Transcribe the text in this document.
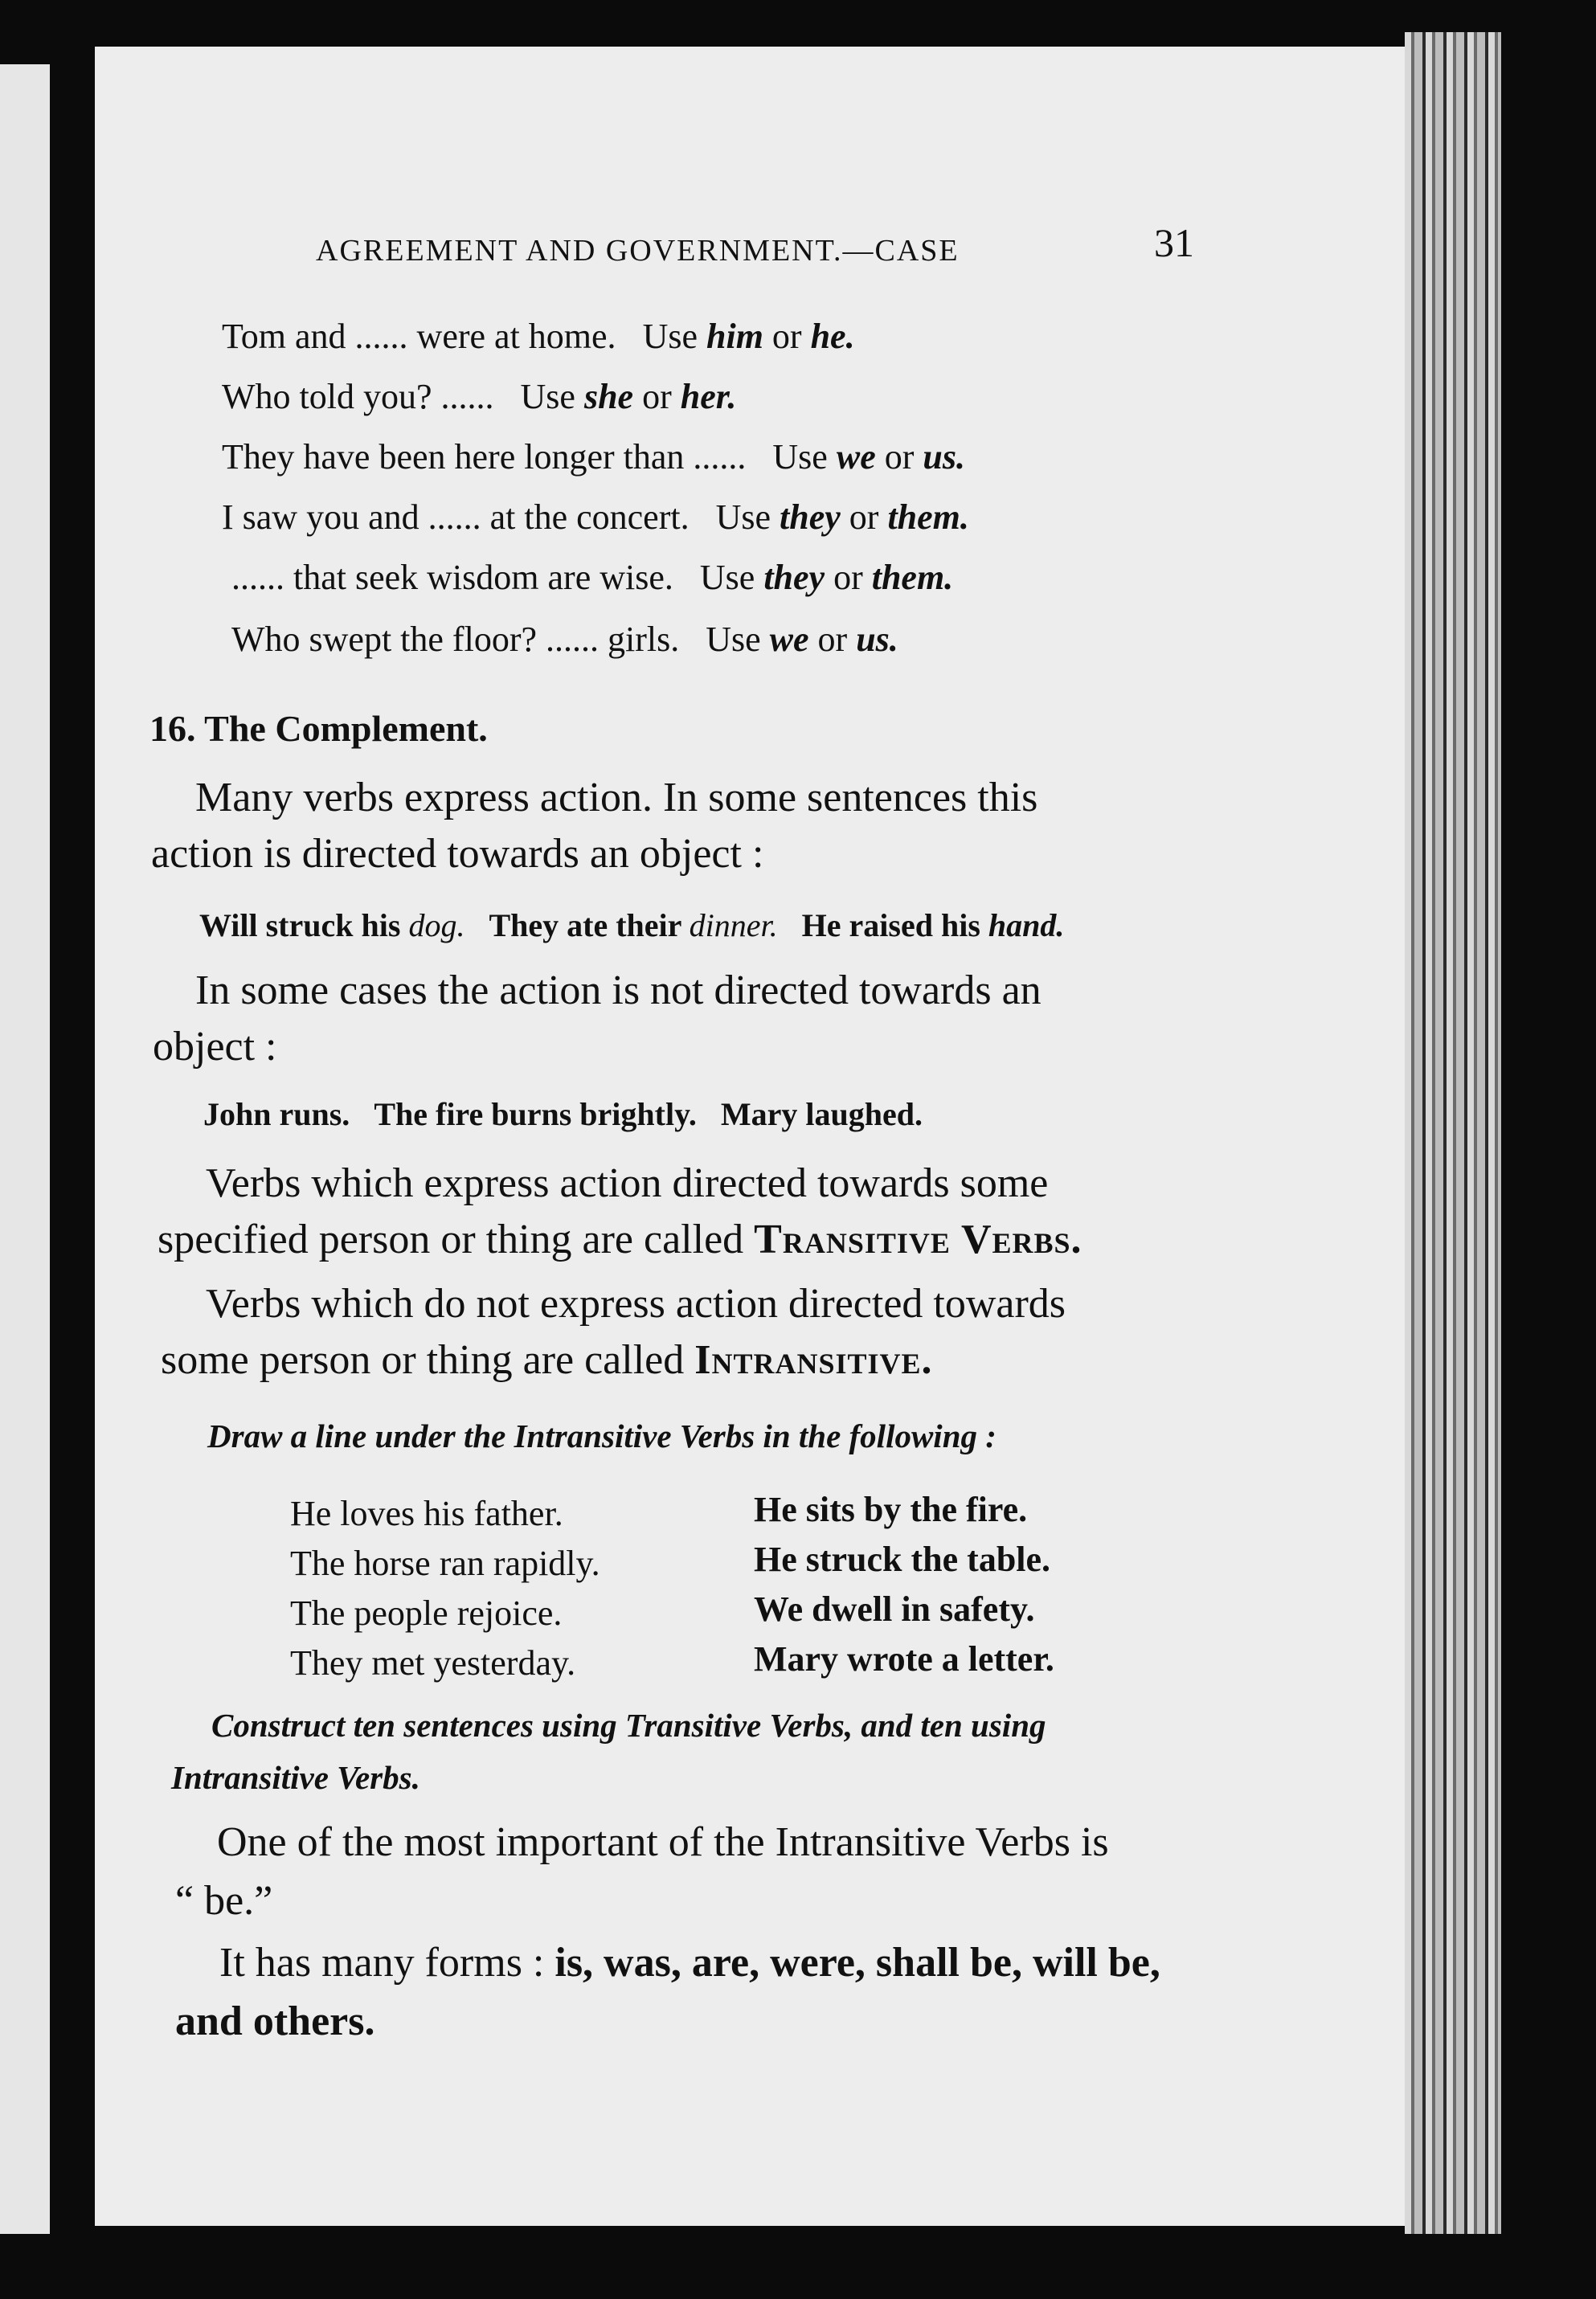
AGREEMENT AND GOVERNMENT.—CASE	31
Tom and ...... were at home. Use him or he.
Who told you? ...... Use she or her.
They have been here longer than ...... Use we or us.
I saw you and ...... at the concert. Use they or them.
...... that seek wisdom are wise. Use they or them.
Who swept the floor? ...... girls. Use we or us.
16. The Complement.
Many verbs express action. In some sentences this
action is directed towards an object :
Will struck his dog. They ate their dinner. He raised his hand.
In some cases the action is not directed towards an
object :
John runs. The fire burns brightly. Mary laughed.
Verbs which express action directed towards some
specified person or thing are called Transitive Verbs.
Verbs which do not express action directed towards
some person or thing are called Intransitive.
Draw a line under the Intransitive Verbs in the following :
He loves his father.
The horse ran rapidly.
The people rejoice.
They met yesterday.
He sits by the fire.
He struck the table.
We dwell in safety.
Mary wrote a letter.
Construct ten sentences using Transitive Verbs, and ten using
Intransitive Verbs.
One of the most important of the Intransitive Verbs is
“ be.”
It has many forms : is, was, are, were, shall be, will be,
and others.
